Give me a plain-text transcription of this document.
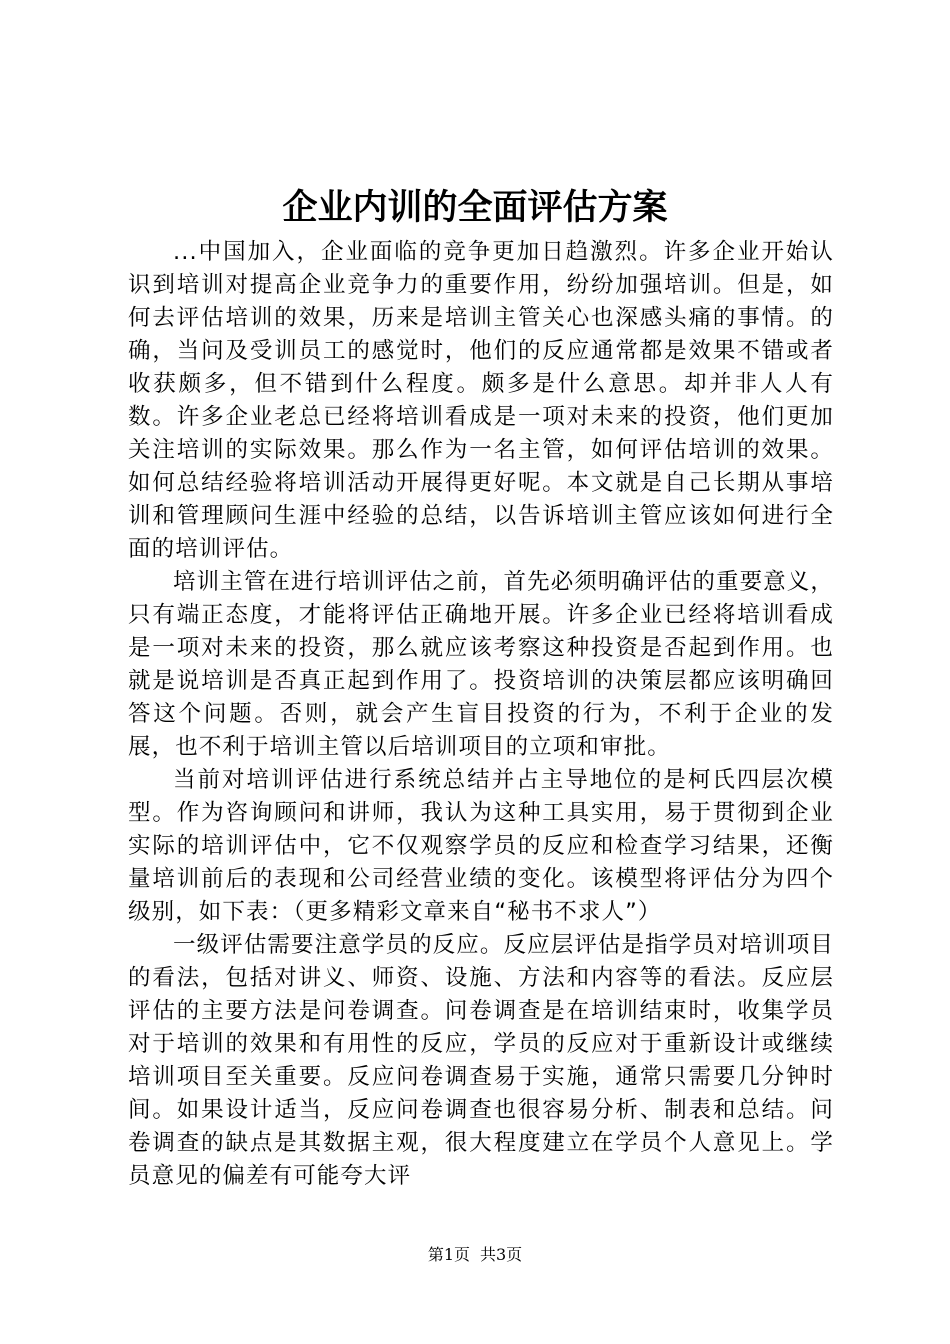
企业内训的全面评估方案

...中国加入，企业面临的竞争更加日趋激烈。许多企业开始认识到培训对提高企业竞争力的重要作用，纷纷加强培训。但是，如何去评估培训的效果，历来是培训主管关心也深感头痛的事情。的确，当问及受训员工的感觉时，他们的反应通常都是效果不错或者收获颇多，但不错到什么程度。颇多是什么意思。却并非人人有数。许多企业老总已经将培训看成是一项对未来的投资，他们更加关注培训的实际效果。那么作为一名主管，如何评估培训的效果。如何总结经验将培训活动开展得更好呢。本文就是自己长期从事培训和管理顾问生涯中经验的总结，以告诉培训主管应该如何进行全面的培训评估。

培训主管在进行培训评估之前，首先必须明确评估的重要意义，只有端正态度，才能将评估正确地开展。许多企业已经将培训看成是一项对未来的投资，那么就应该考察这种投资是否起到作用。也就是说培训是否真正起到作用了。投资培训的决策层都应该明确回答这个问题。否则，就会产生盲目投资的行为，不利于企业的发展，也不利于培训主管以后培训项目的立项和审批。

当前对培训评估进行系统总结并占主导地位的是柯氏四层次模型。作为咨询顾问和讲师，我认为这种工具实用，易于贯彻到企业实际的培训评估中，它不仅观察学员的反应和检查学习结果，还衡量培训前后的表现和公司经营业绩的变化。该模型将评估分为四个级别，如下表：（更多精彩文章来自“秘书不求人”）

一级评估需要注意学员的反应。反应层评估是指学员对培训项目的看法，包括对讲义、师资、设施、方法和内容等的看法。反应层评估的主要方法是问卷调查。问卷调查是在培训结束时，收集学员对于培训的效果和有用性的反应，学员的反应对于重新设计或继续培训项目至关重要。反应问卷调查易于实施，通常只需要几分钟时间。如果设计适当，反应问卷调查也很容易分析、制表和总结。问卷调查的缺点是其数据主观，很大程度建立在学员个人意见上。学员意见的偏差有可能夸大评

第1页 共3页
